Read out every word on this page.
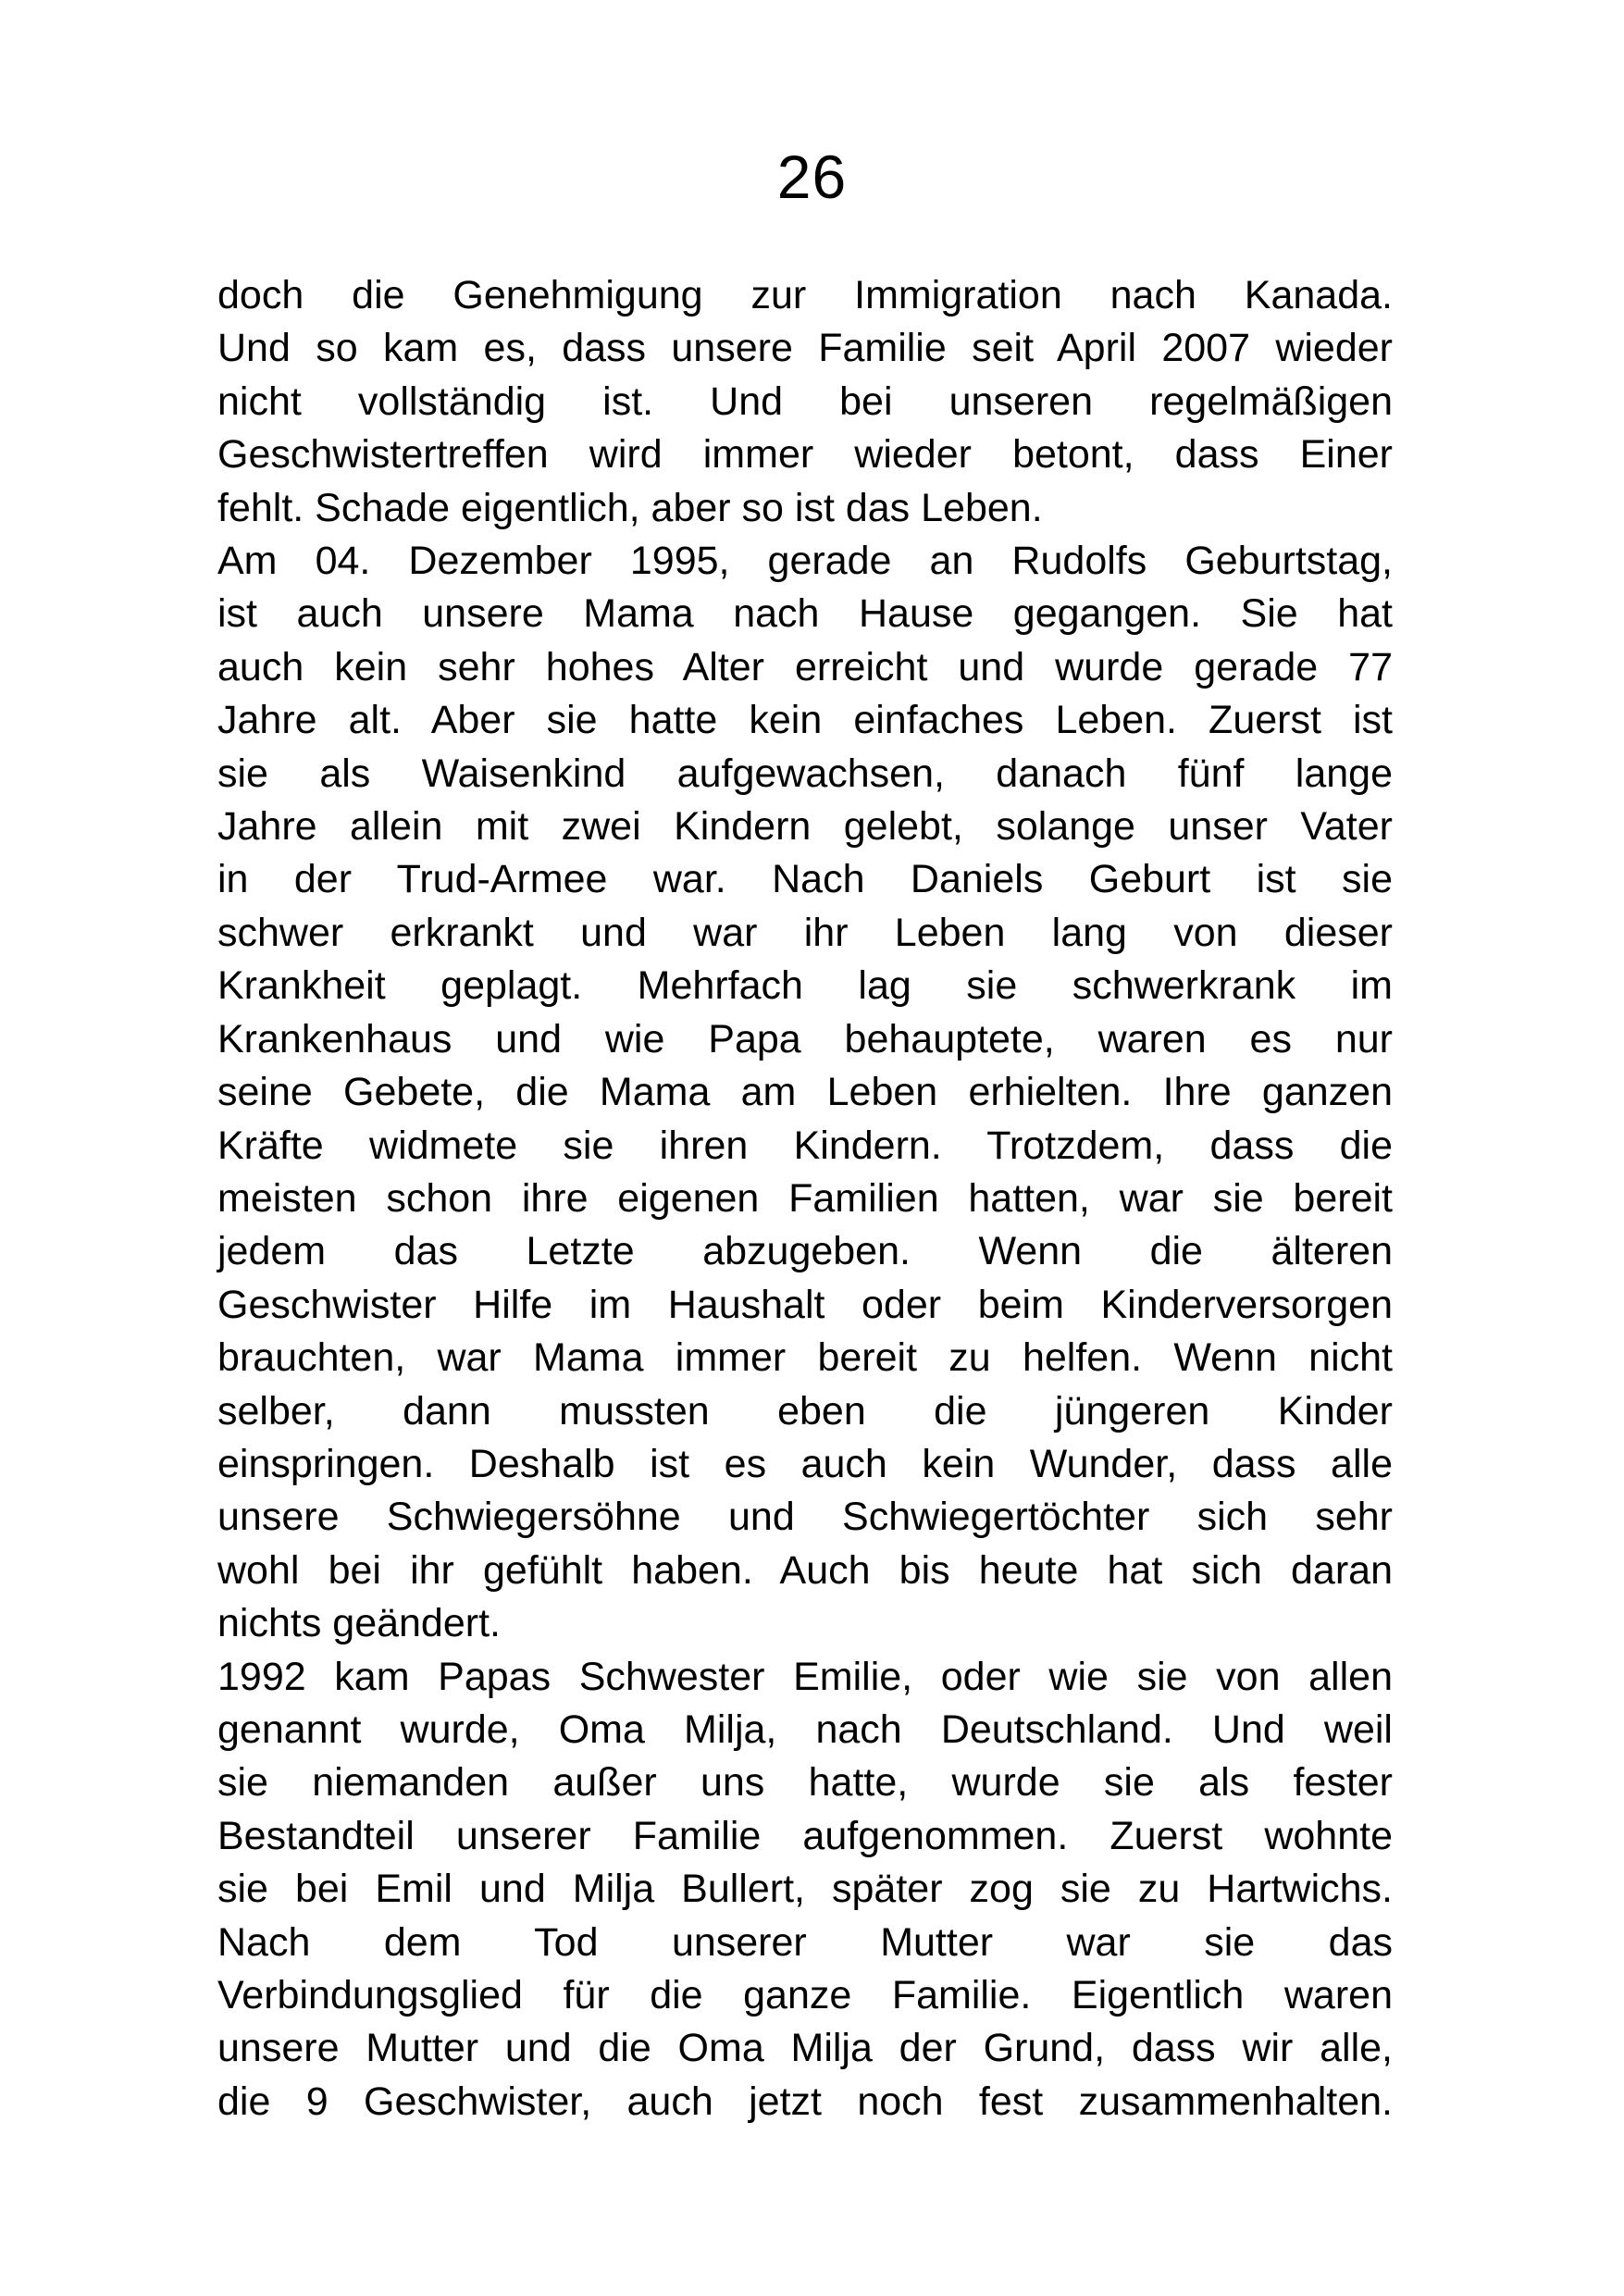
26
doch die Genehmigung zur Immigration nach Kanada.
Und so kam es, dass unsere Familie seit April 2007 wieder
nicht vollständig ist. Und bei unseren regelmäßigen
Geschwistertreffen wird immer wieder betont, dass Einer
fehlt. Schade eigentlich, aber so ist das Leben.
Am 04. Dezember 1995, gerade an Rudolfs Geburtstag,
ist auch unsere Mama nach Hause gegangen. Sie hat
auch kein sehr hohes Alter erreicht und wurde gerade 77
Jahre alt. Aber sie hatte kein einfaches Leben. Zuerst ist
sie als Waisenkind aufgewachsen, danach fünf lange
Jahre allein mit zwei Kindern gelebt, solange unser Vater
in der Trud-Armee war. Nach Daniels Geburt ist sie
schwer erkrankt und war ihr Leben lang von dieser
Krankheit geplagt. Mehrfach lag sie schwerkrank im
Krankenhaus und wie Papa behauptete, waren es nur
seine Gebete, die Mama am Leben erhielten. Ihre ganzen
Kräfte widmete sie ihren Kindern. Trotzdem, dass die
meisten schon ihre eigenen Familien hatten, war sie bereit
jedem das Letzte abzugeben. Wenn die älteren
Geschwister Hilfe im Haushalt oder beim Kinderversorgen
brauchten, war Mama immer bereit zu helfen. Wenn nicht
selber, dann mussten eben die jüngeren Kinder
einspringen. Deshalb ist es auch kein Wunder, dass alle
unsere Schwiegersöhne und Schwiegertöchter sich sehr
wohl bei ihr gefühlt haben. Auch bis heute hat sich daran
nichts geändert.
1992 kam Papas Schwester Emilie, oder wie sie von allen
genannt wurde, Oma Milja, nach Deutschland. Und weil
sie niemanden außer uns hatte, wurde sie als fester
Bestandteil unserer Familie aufgenommen. Zuerst wohnte
sie bei Emil und Milja Bullert, später zog sie zu Hartwichs.
Nach dem Tod unserer Mutter war sie das
Verbindungsglied für die ganze Familie. Eigentlich waren
unsere Mutter und die Oma Milja der Grund, dass wir alle,
die 9 Geschwister, auch jetzt noch fest zusammenhalten.
